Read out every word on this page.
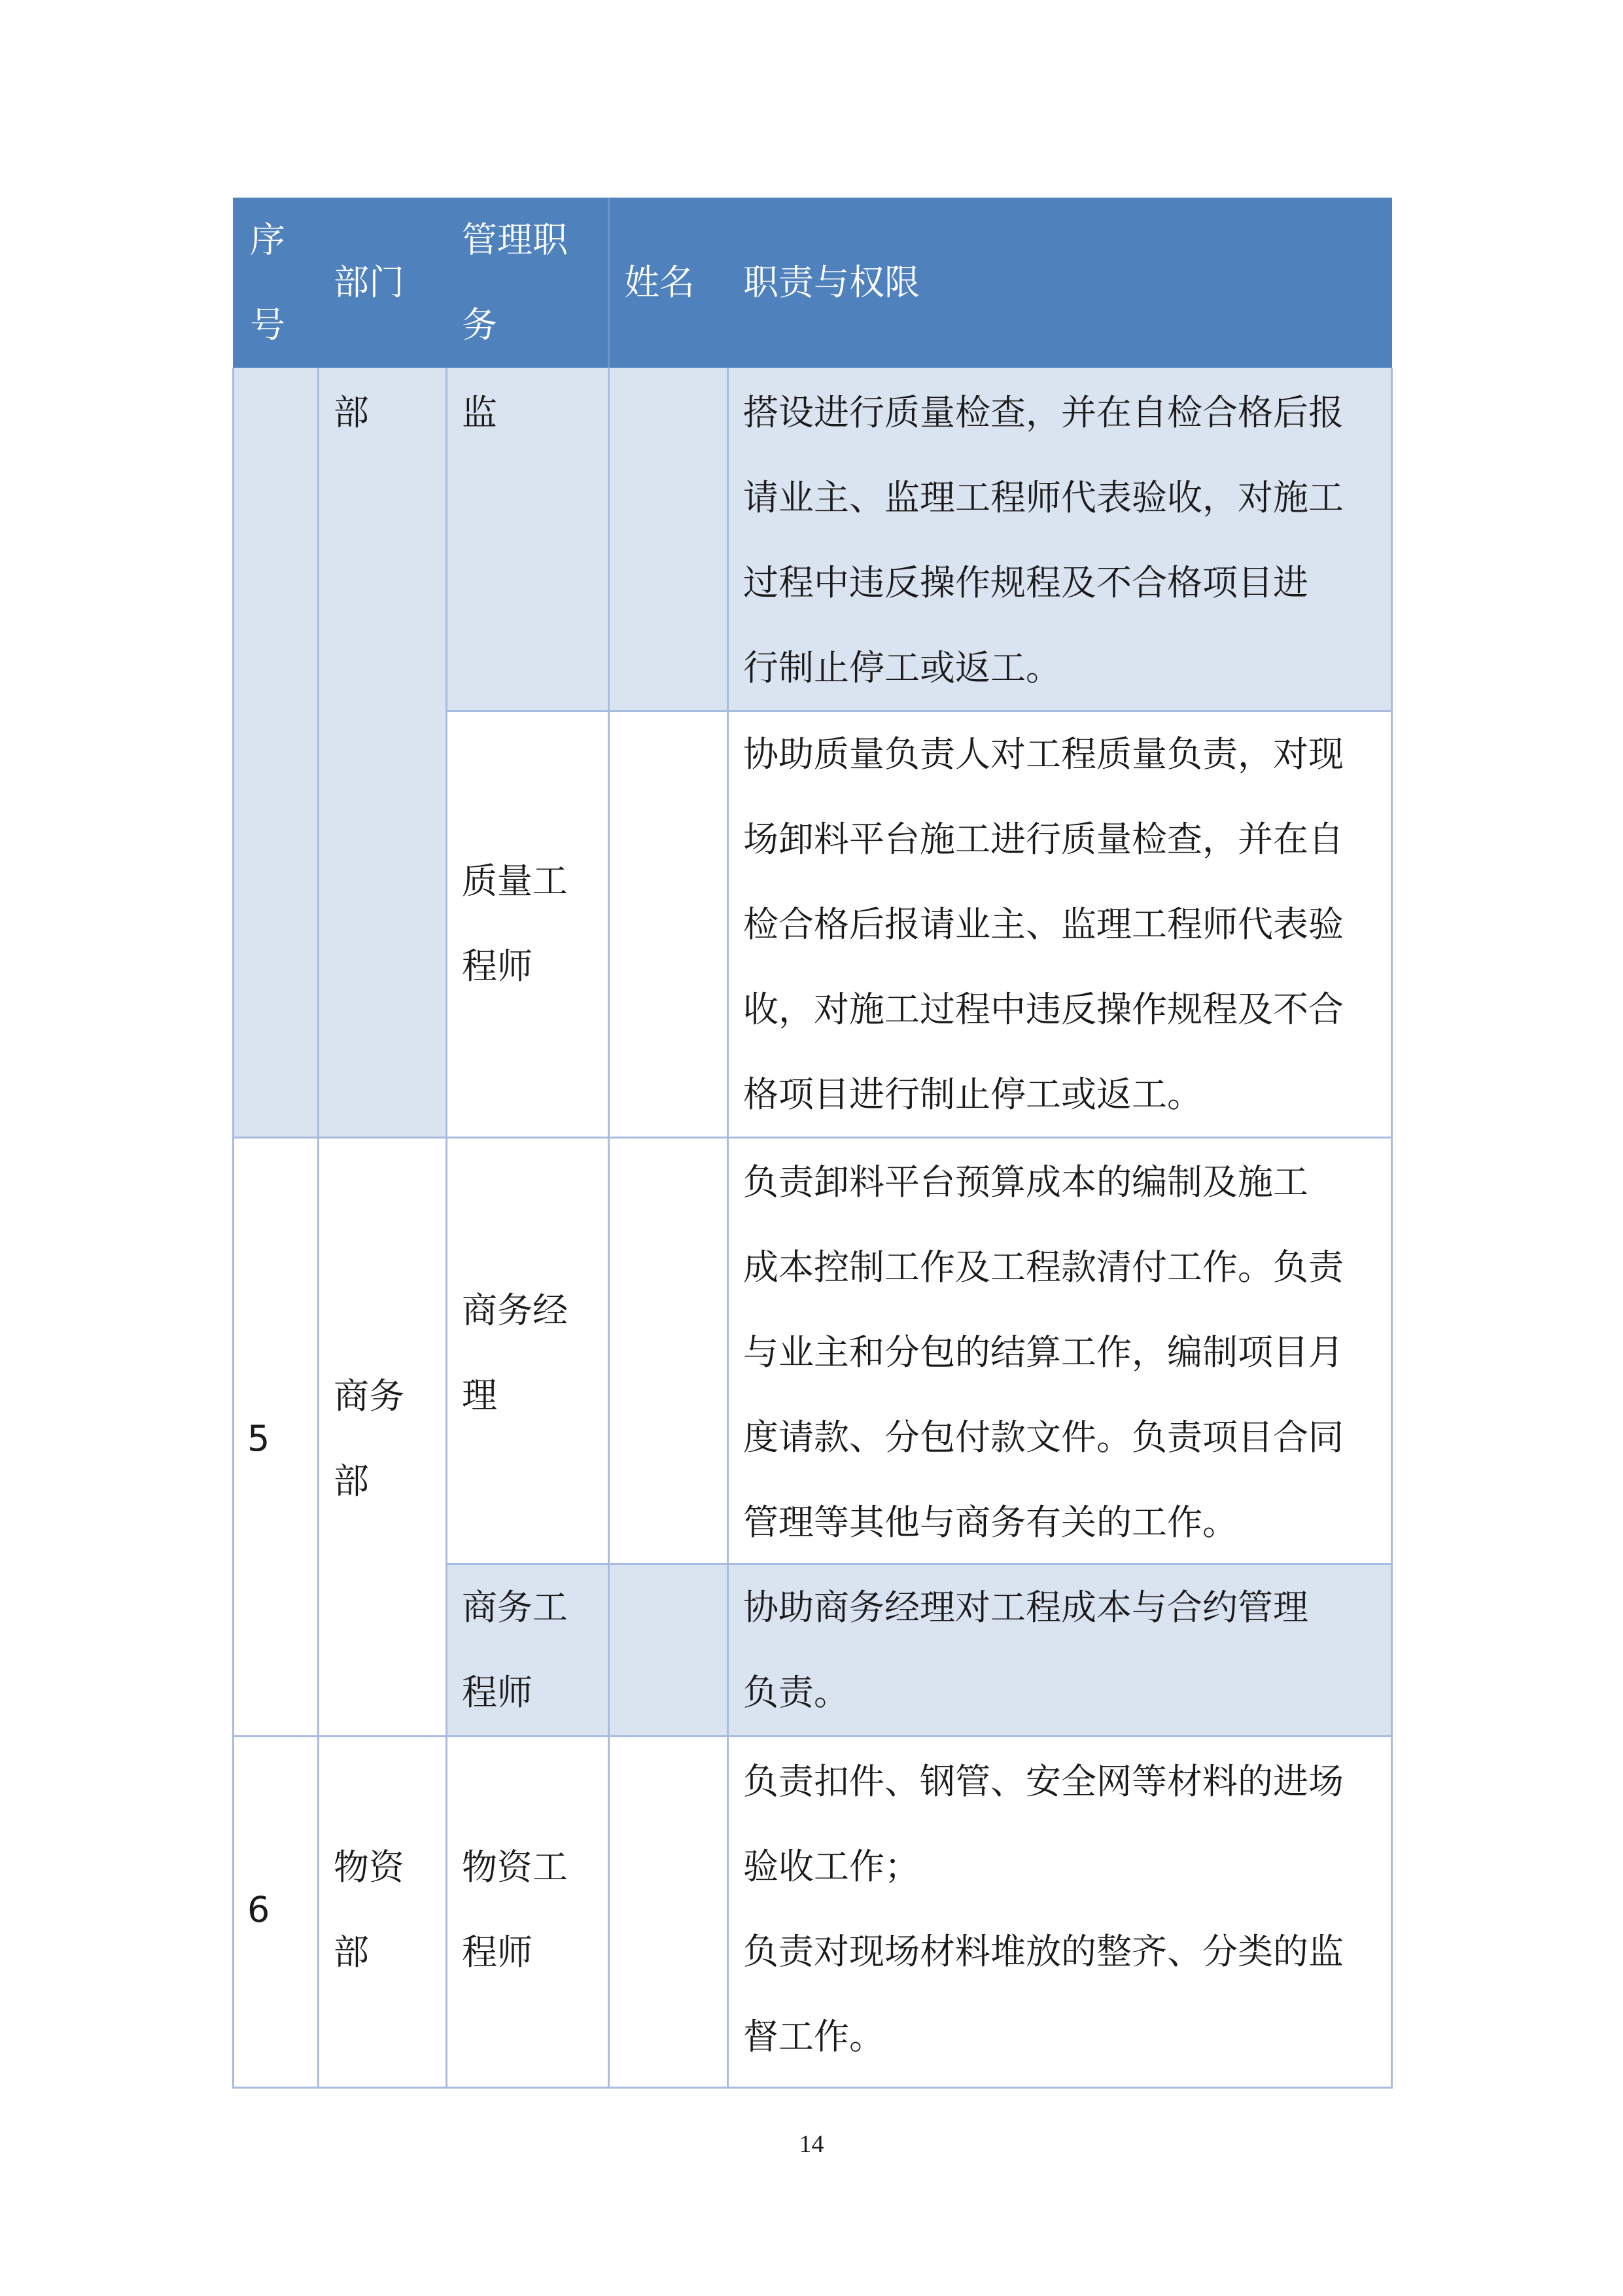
序
号
部门
管理职
务
姓名 职责与权限
部	监	搭设进行质量检查，并在自检合格后报
请业主、监理工程师代表验收，对施工
过程中违反操作规程及不合格项目进
行制止停工或返工。
质量工
程师
协助质量负责人对工程质量负责，对现
场卸料平台施工进行质量检查，并在自
检合格后报请业主、监理工程师代表验
收，对施工过程中违反操作规程及不合
格项目进行制止停工或返工。
5
商务
部
商务经
理
负责卸料平台预算成本的编制及施工
成本控制工作及工程款清付工作。负责
与业主和分包的结算工作，编制项目月
度请款、分包付款文件。负责项目合同
管理等其他与商务有关的工作。
商务工
程师
协助商务经理对工程成本与合约管理
负责。
6
物资
部
物资工
程师
负责扣件、钢管、安全网等材料的进场
验收工作；
负责对现场材料堆放的整齐、分类的监
督工作。
14
